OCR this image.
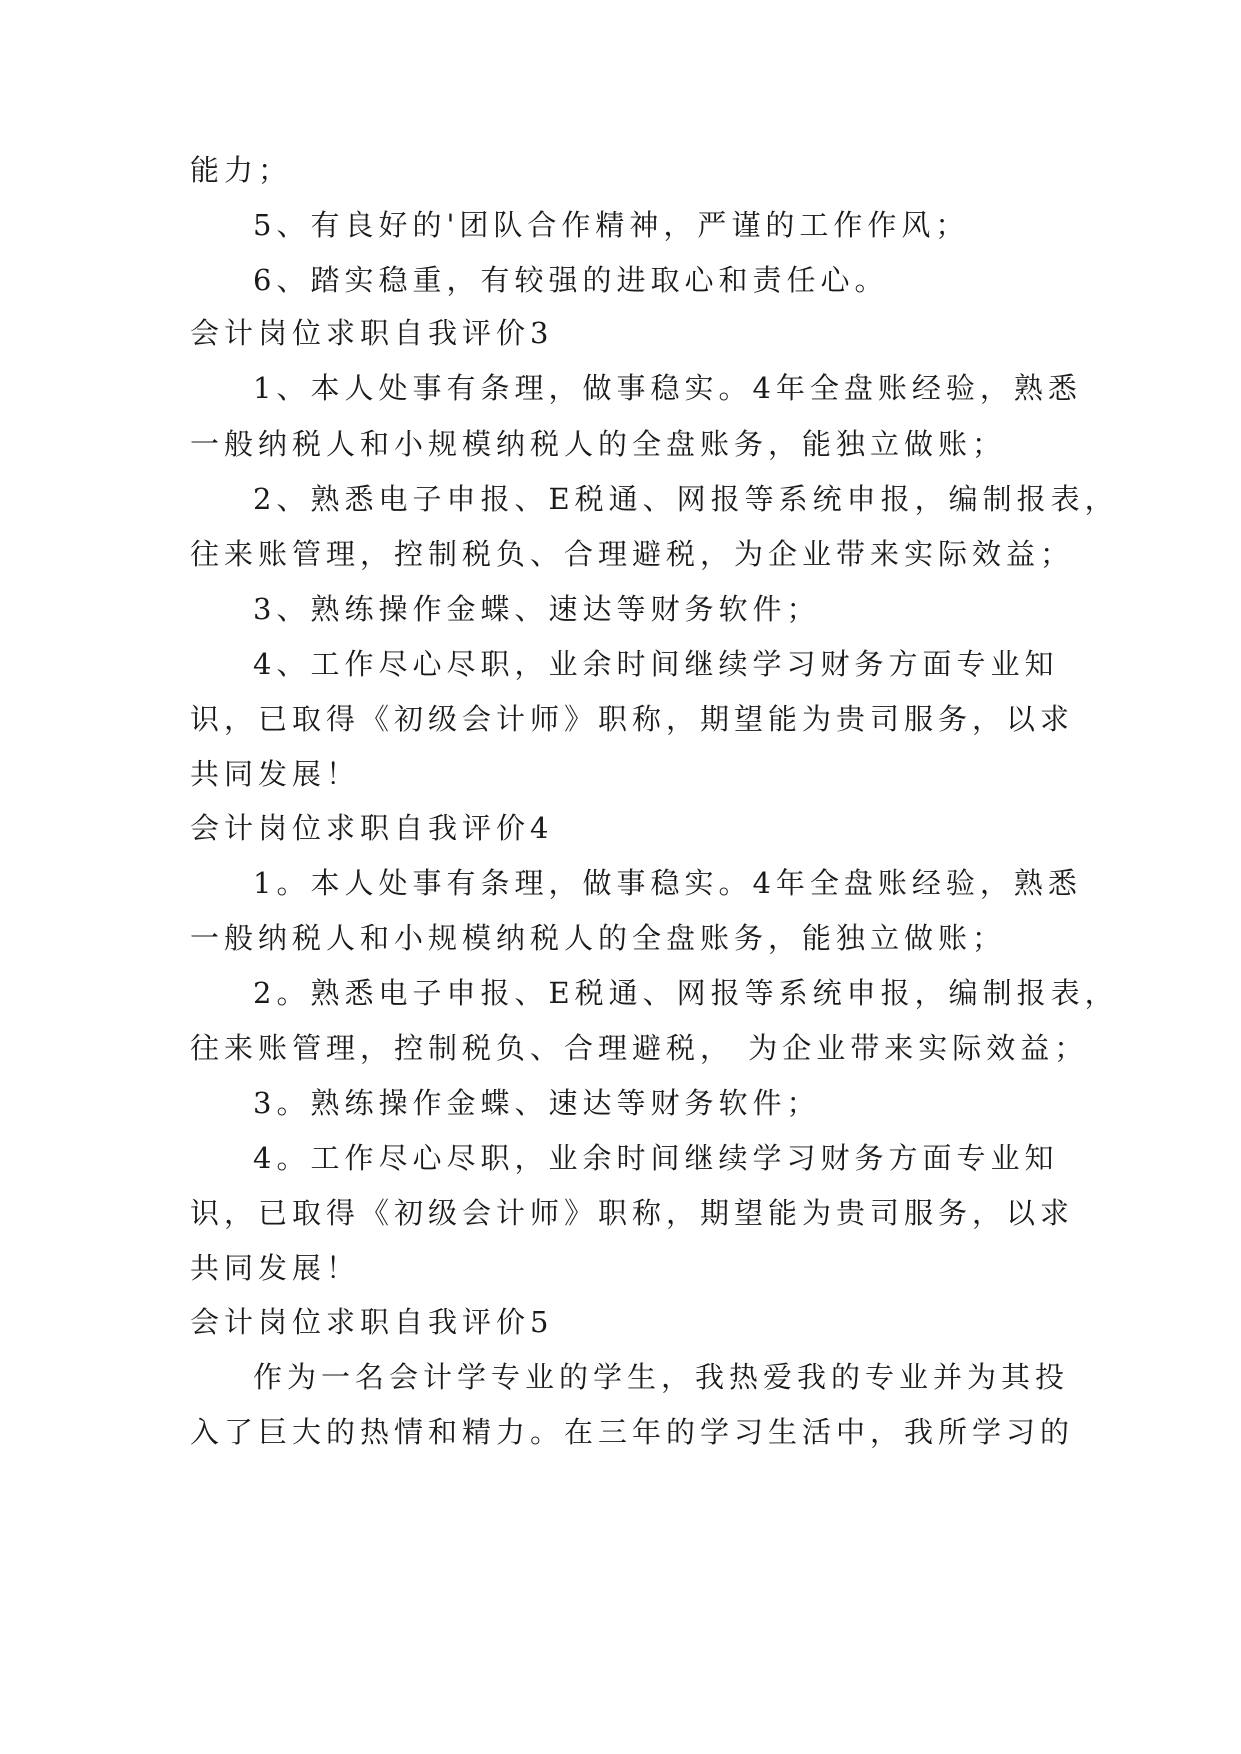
能力；
5、有良好的'团队合作精神，严谨的工作作风；
6、踏实稳重，有较强的进取心和责任心。
会计岗位求职自我评价3
1、本人处事有条理，做事稳实。4年全盘账经验，熟悉
一般纳税人和小规模纳税人的全盘账务，能独立做账；
2、熟悉电子申报、E税通、网报等系统申报，编制报表，
往来账管理，控制税负、合理避税，为企业带来实际效益；
3、熟练操作金蝶、速达等财务软件；
4、工作尽心尽职，业余时间继续学习财务方面专业知
识，已取得《初级会计师》职称，期望能为贵司服务，以求
共同发展！
会计岗位求职自我评价4
1。本人处事有条理，做事稳实。4年全盘账经验，熟悉
一般纳税人和小规模纳税人的全盘账务，能独立做账；
2。熟悉电子申报、E税通、网报等系统申报，编制报表，
往来账管理，控制税负、合理避税， 为企业带来实际效益；
3。熟练操作金蝶、速达等财务软件；
4。工作尽心尽职，业余时间继续学习财务方面专业知
识，已取得《初级会计师》职称，期望能为贵司服务，以求
共同发展！
会计岗位求职自我评价5
作为一名会计学专业的学生，我热爱我的专业并为其投
入了巨大的热情和精力。在三年的学习生活中，我所学习的
